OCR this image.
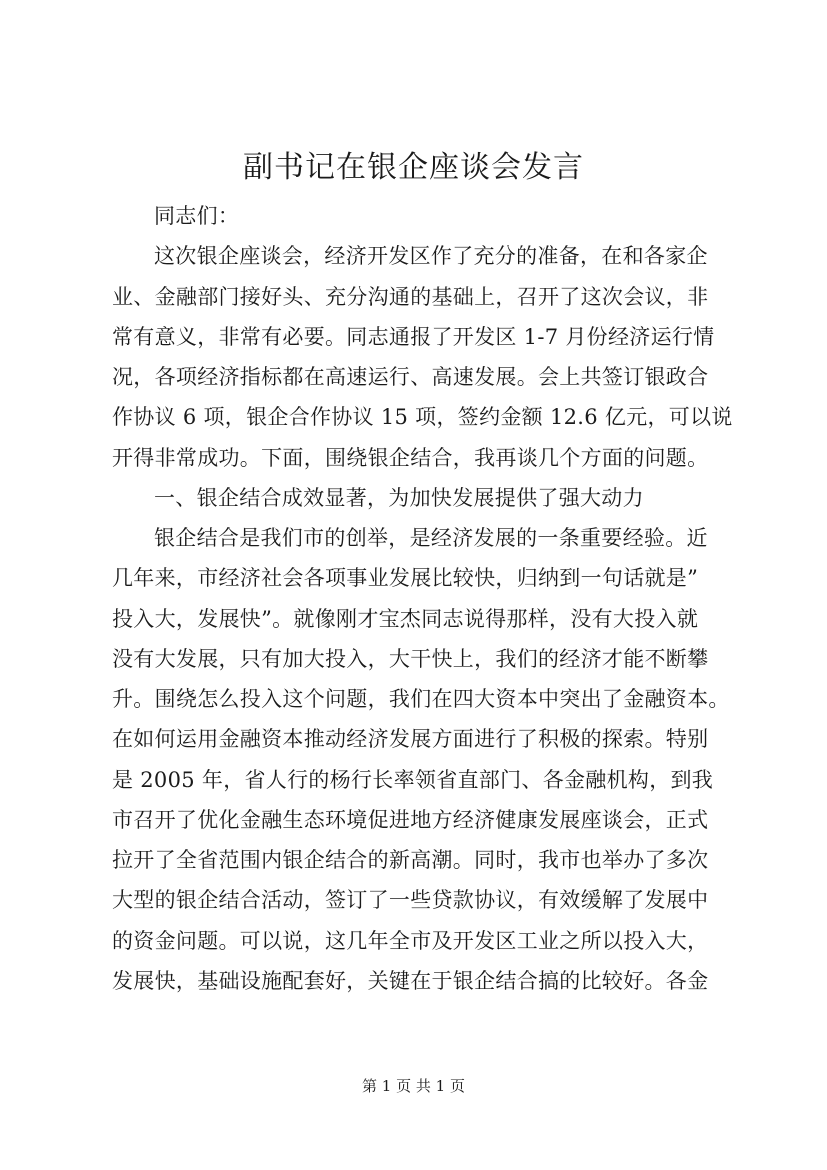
副书记在银企座谈会发言
同志们：
这次银企座谈会，经济开发区作了充分的准备，在和各家企
业、金融部门接好头、充分沟通的基础上，召开了这次会议，非
常有意义，非常有必要。同志通报了开发区 1-7 月份经济运行情
况，各项经济指标都在高速运行、高速发展。会上共签订银政合
作协议 6 项，银企合作协议 15 项，签约金额 12.6 亿元，可以说
开得非常成功。下面，围绕银企结合，我再谈几个方面的问题。
一、银企结合成效显著，为加快发展提供了强大动力
银企结合是我们市的创举，是经济发展的一条重要经验。近
几年来，市经济社会各项事业发展比较快，归纳到一句话就是”
投入大，发展快”。就像刚才宝杰同志说得那样，没有大投入就
没有大发展，只有加大投入，大干快上，我们的经济才能不断攀
升。围绕怎么投入这个问题，我们在四大资本中突出了金融资本。
在如何运用金融资本推动经济发展方面进行了积极的探索。特别
是 2005 年，省人行的杨行长率领省直部门、各金融机构，到我
市召开了优化金融生态环境促进地方经济健康发展座谈会，正式
拉开了全省范围内银企结合的新高潮。同时，我市也举办了多次
大型的银企结合活动，签订了一些贷款协议，有效缓解了发展中
的资金问题。可以说，这几年全市及开发区工业之所以投入大，
发展快，基础设施配套好，关键在于银企结合搞的比较好。各金
第 1 页 共 1 页
